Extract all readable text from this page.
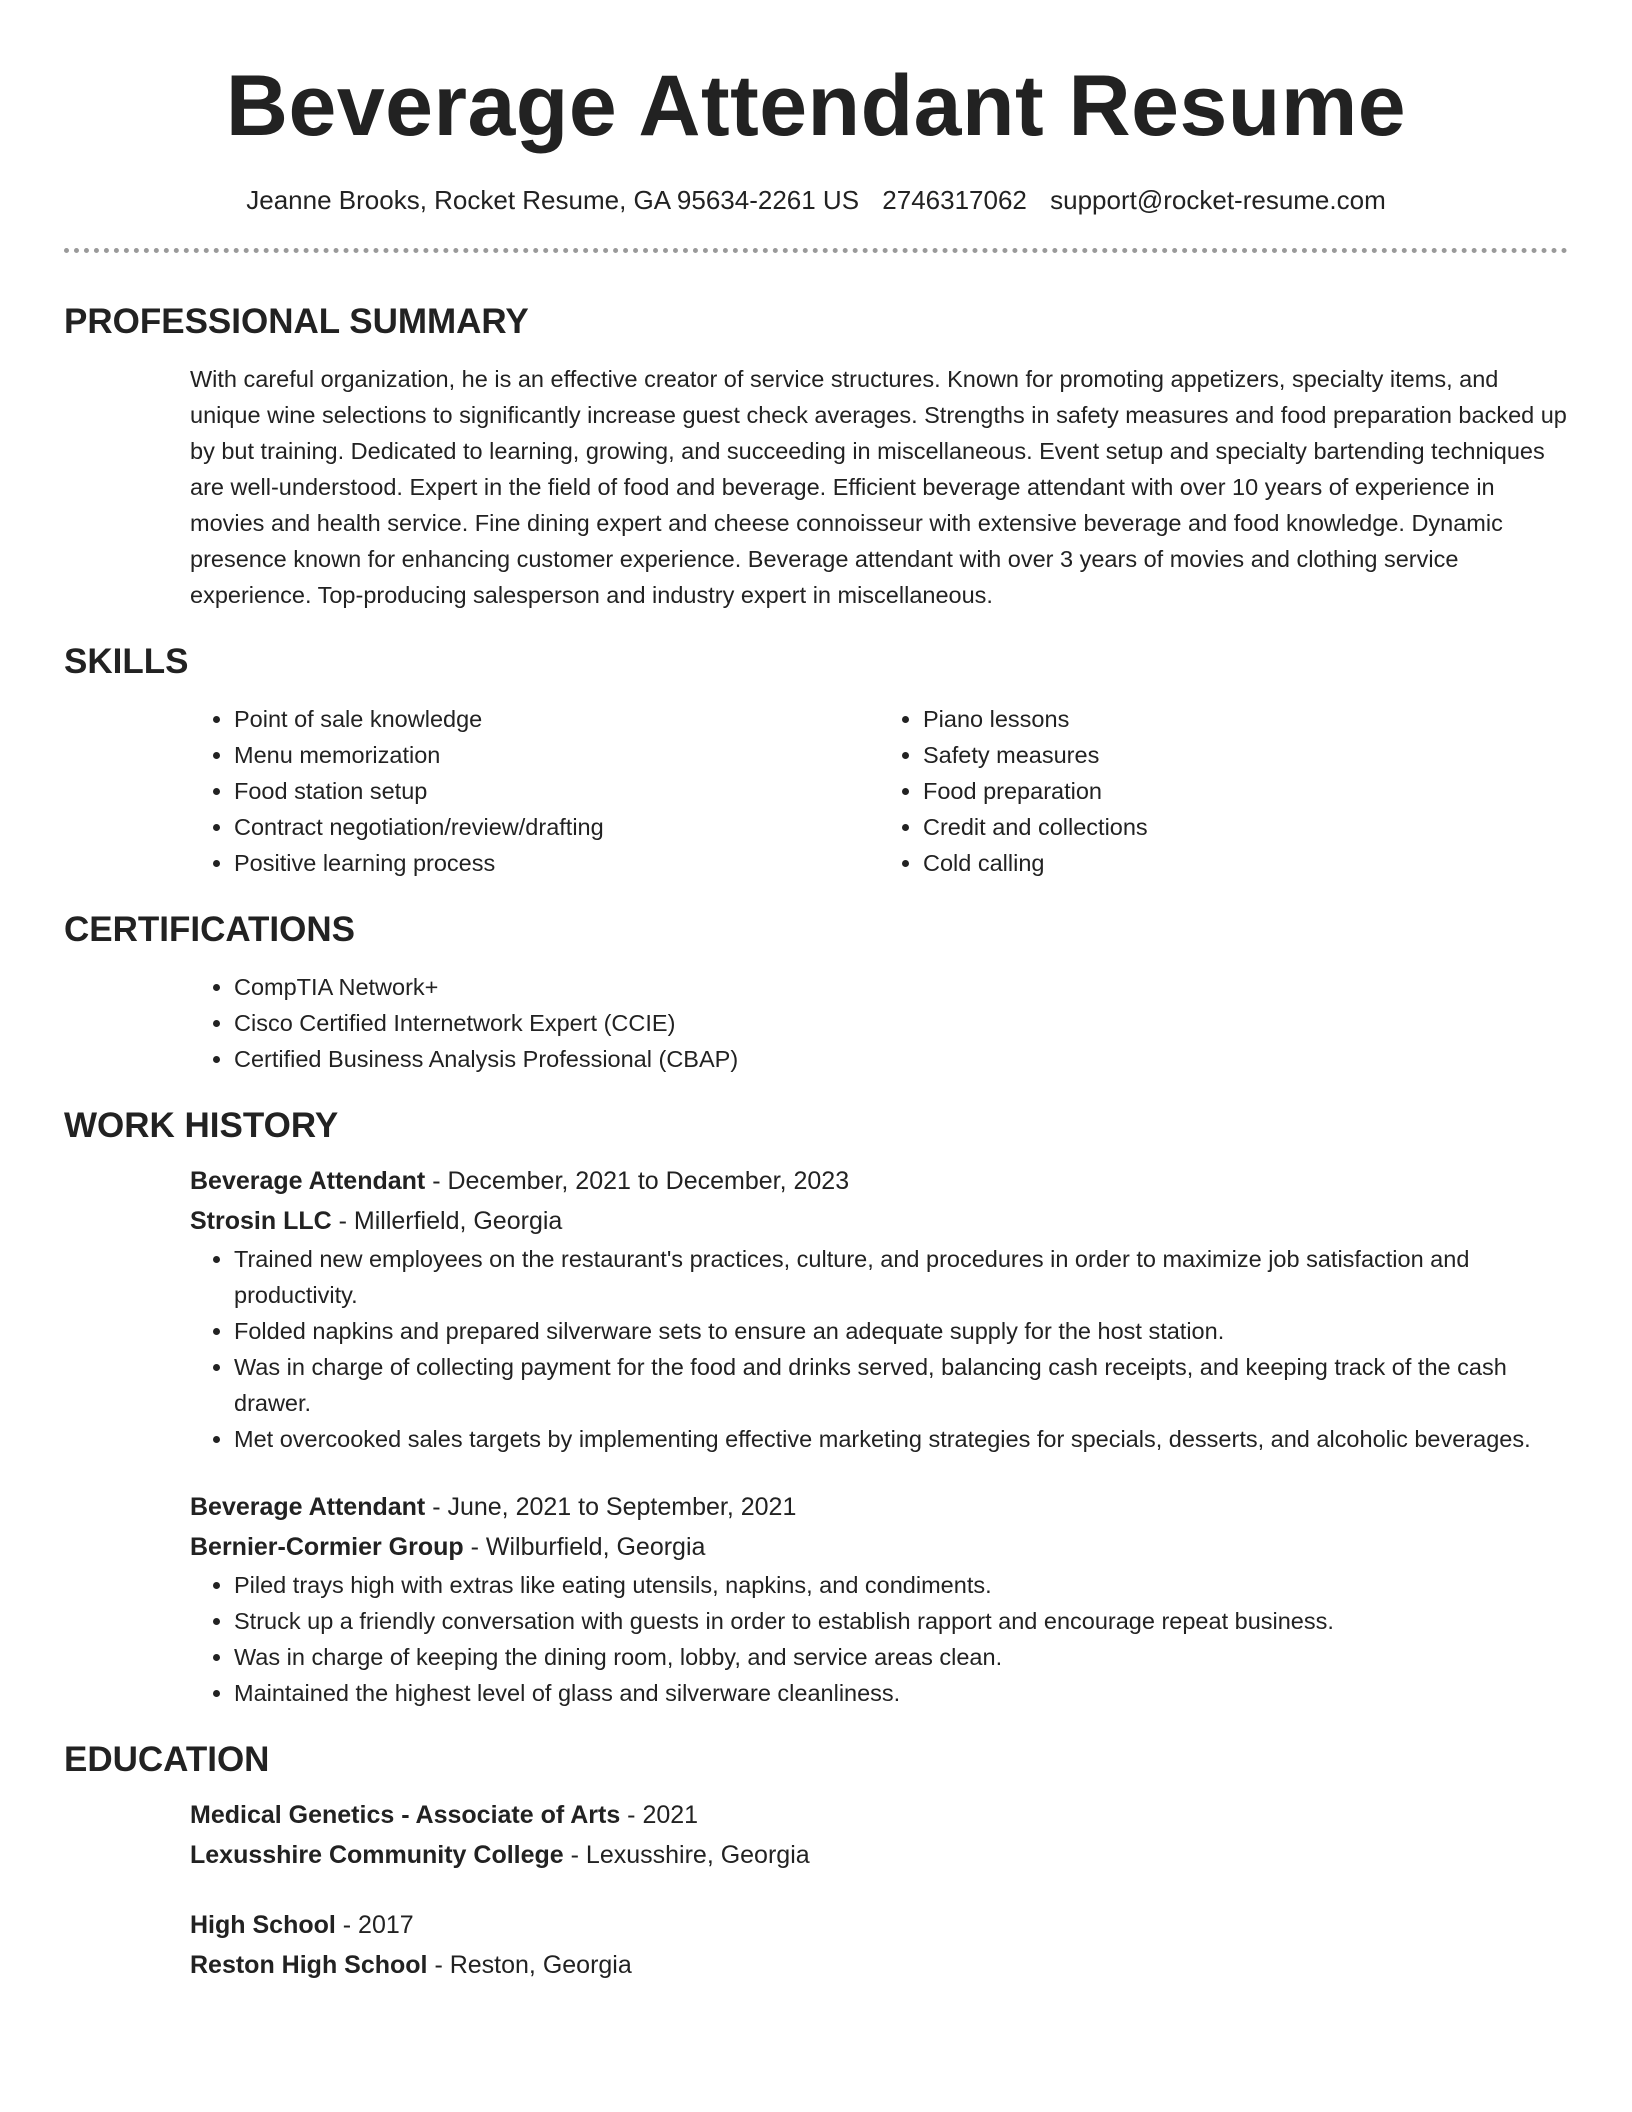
Beverage Attendant Resume
Jeanne Brooks, Rocket Resume, GA 95634-2261 US 2746317062 support@rocket-resume.com
PROFESSIONAL SUMMARY

With careful organization, he is an effective creator of service structures. Known for promoting appetizers, specialty items, and unique wine selections to significantly increase guest check averages. Strengths in safety measures and food preparation backed up by but training. Dedicated to learning, growing, and succeeding in miscellaneous. Event setup and specialty bartending techniques are well-understood. Expert in the field of food and beverage. Efficient beverage attendant with over 10 years of experience in movies and health service. Fine dining expert and cheese connoisseur with extensive beverage and food knowledge. Dynamic presence known for enhancing customer experience. Beverage attendant with over 3 years of movies and clothing service experience. Top-producing salesperson and industry expert in miscellaneous.

SKILLS
• Point of sale knowledge
• Menu memorization
• Food station setup
• Contract negotiation/review/drafting
• Positive learning process
• Piano lessons
• Safety measures
• Food preparation
• Credit and collections
• Cold calling
CERTIFICATIONS
• CompTIA Network+
• Cisco Certified Internetwork Expert (CCIE)
• Certified Business Analysis Professional (CBAP)
WORK HISTORY
Beverage Attendant - December, 2021 to December, 2023
Strosin LLC - Millerfield, Georgia
• Trained new employees on the restaurant's practices, culture, and procedures in order to maximize job satisfaction and productivity.
• Folded napkins and prepared silverware sets to ensure an adequate supply for the host station.
• Was in charge of collecting payment for the food and drinks served, balancing cash receipts, and keeping track of the cash drawer.
• Met overcooked sales targets by implementing effective marketing strategies for specials, desserts, and alcoholic beverages.
Beverage Attendant - June, 2021 to September, 2021
Bernier-Cormier Group - Wilburfield, Georgia
• Piled trays high with extras like eating utensils, napkins, and condiments.
• Struck up a friendly conversation with guests in order to establish rapport and encourage repeat business.
• Was in charge of keeping the dining room, lobby, and service areas clean.
• Maintained the highest level of glass and silverware cleanliness.
EDUCATION
Medical Genetics - Associate of Arts - 2021
Lexusshire Community College - Lexusshire, Georgia
High School - 2017
Reston High School - Reston, Georgia
